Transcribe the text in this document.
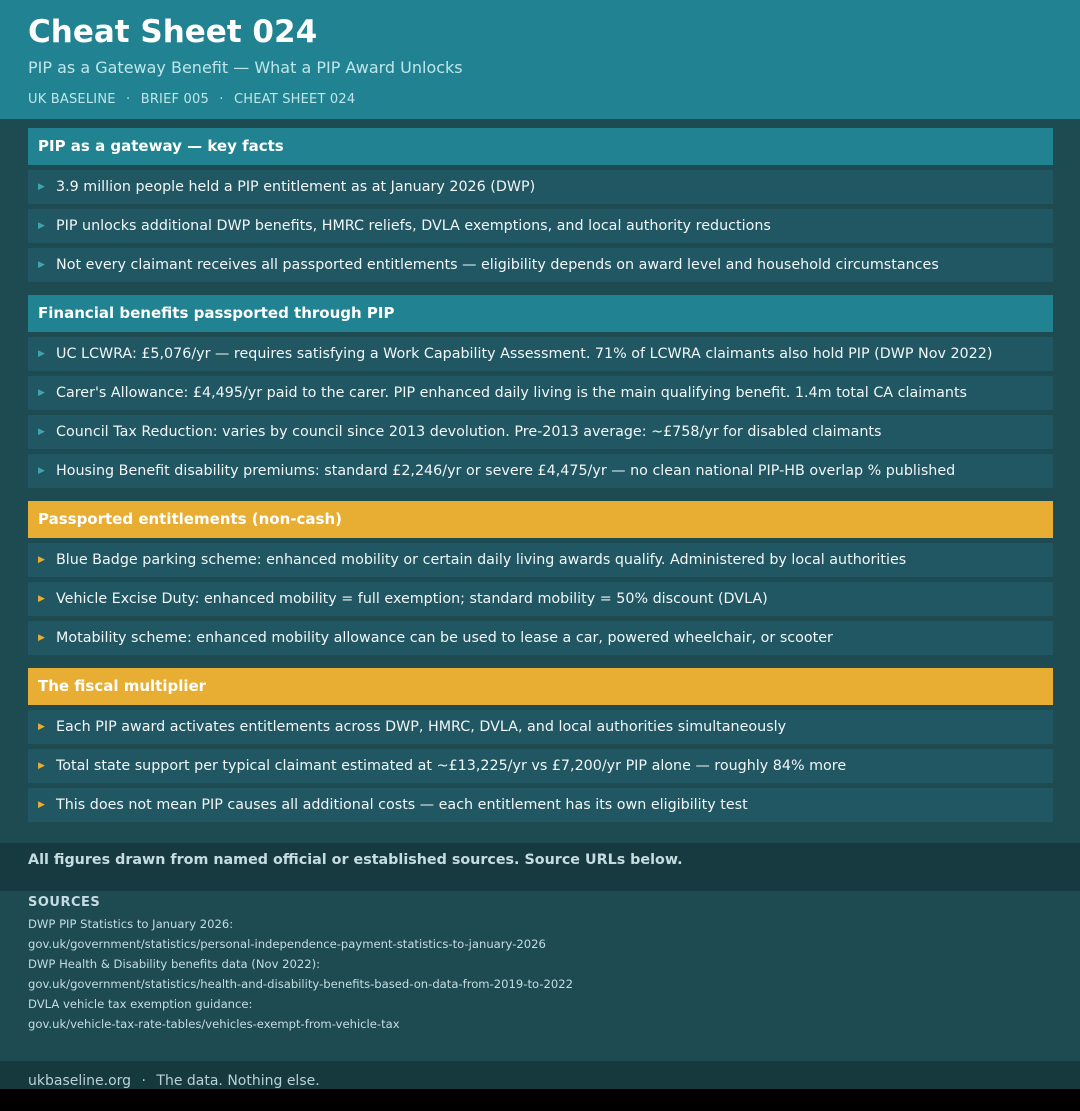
Cheat Sheet 024
PIP as a Gateway Benefit — What a PIP Award Unlocks
UK BASELINE · BRIEF 005 · CHEAT SHEET 024
PIP as a gateway — key facts
▶ 3.9 million people held a PIP entitlement as at January 2026 (DWP)
▶ PIP unlocks additional DWP benefits, HMRC reliefs, DVLA exemptions, and local authority reductions
▶ Not every claimant receives all passported entitlements — eligibility depends on award level and household circumstances
Financial benefits passported through PIP
▶ UC LCWRA: £5,076/yr — requires satisfying a Work Capability Assessment. 71% of LCWRA claimants also hold PIP (DWP Nov 2022)
▶ Carer's Allowance: £4,495/yr paid to the carer. PIP enhanced daily living is the main qualifying benefit. 1.4m total CA claimants
▶ Council Tax Reduction: varies by council since 2013 devolution. Pre-2013 average: ~£758/yr for disabled claimants
▶ Housing Benefit disability premiums: standard £2,246/yr or severe £4,475/yr — no clean national PIP-HB overlap % published
Passported entitlements (non-cash)
▶ Blue Badge parking scheme: enhanced mobility or certain daily living awards qualify. Administered by local authorities
▶ Vehicle Excise Duty: enhanced mobility = full exemption; standard mobility = 50% discount (DVLA)
▶ Motability scheme: enhanced mobility allowance can be used to lease a car, powered wheelchair, or scooter
The fiscal multiplier
▶ Each PIP award activates entitlements across DWP, HMRC, DVLA, and local authorities simultaneously
▶ Total state support per typical claimant estimated at ~£13,225/yr vs £7,200/yr PIP alone — roughly 84% more
▶ This does not mean PIP causes all additional costs — each entitlement has its own eligibility test
All figures drawn from named official or established sources. Source URLs below.
SOURCES
DWP PIP Statistics to January 2026:
gov.uk/government/statistics/personal-independence-payment-statistics-to-january-2026
DWP Health & Disability benefits data (Nov 2022):
gov.uk/government/statistics/health-and-disability-benefits-based-on-data-from-2019-to-2022
DVLA vehicle tax exemption guidance:
gov.uk/vehicle-tax-rate-tables/vehicles-exempt-from-vehicle-tax
ukbaseline.org · The data. Nothing else.
